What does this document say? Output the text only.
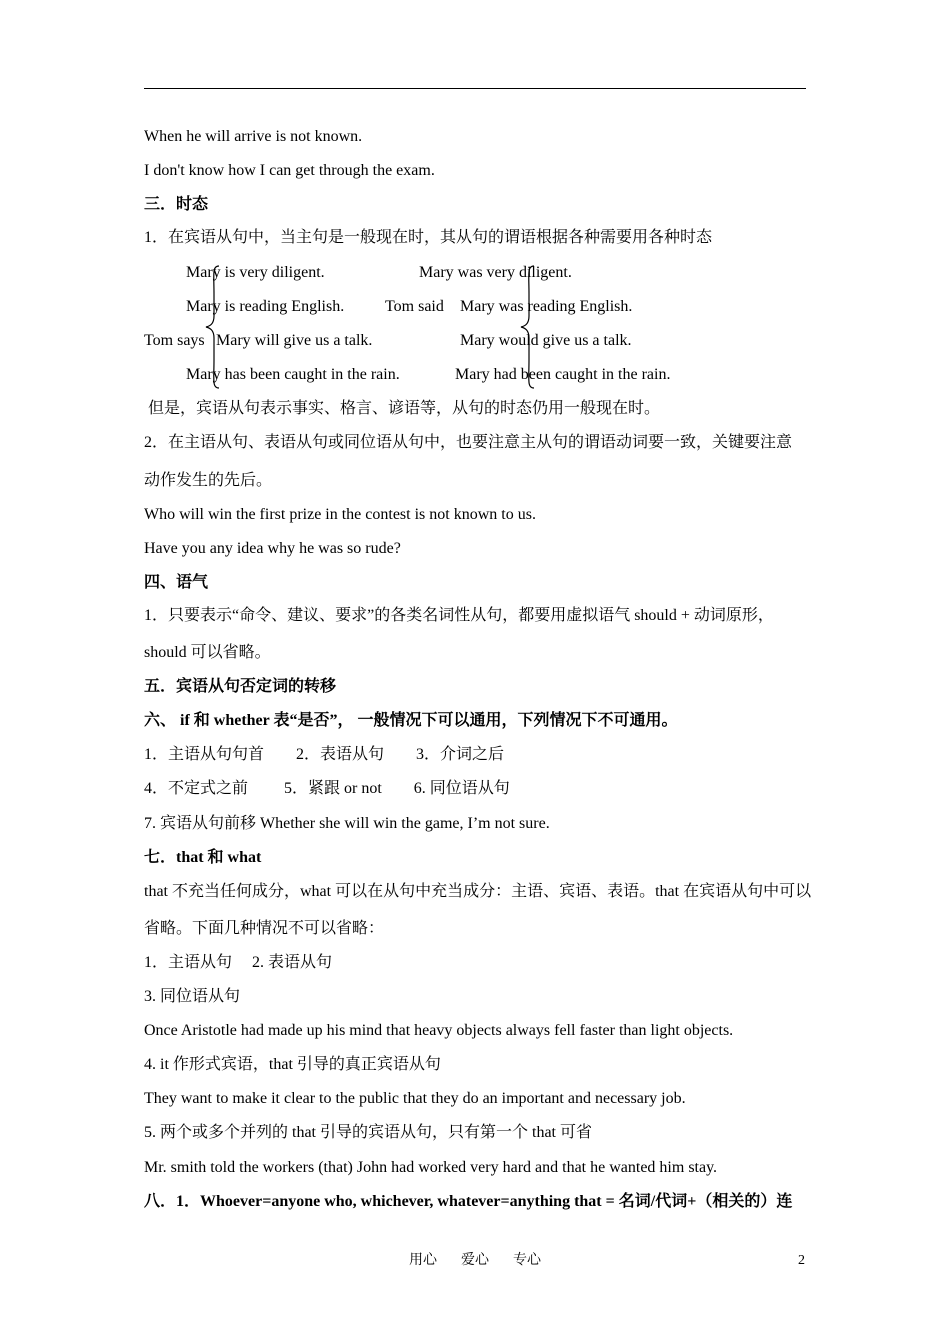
When he will arrive is not known.
I don't know how I can get through the exam.
三．时态
1．在宾语从句中，当主句是一般现在时，其从句的谓语根据各种需要用各种时态
Mary is very diligent.
Mary is reading English.
Mary will give us a talk.
Mary has been caught in the rain.
Tom says
Tom said
Mary was very diligent.
Mary was reading English.
Mary would give us a talk.
Mary had been caught in the rain.
但是，宾语从句表示事实、格言、谚语等，从句的时态仍用一般现在时。
2．在主语从句、表语从句或同位语从句中，也要注意主从句的谓语动词要一致，关键要注意
动作发生的先后。
Who will win the first prize in the contest is not known to us.
Have you any idea why he was so rude?
四、语气
1．只要表示“命令、建议、要求”的各类名词性从句，都要用虚拟语气 should + 动词原形，
should 可以省略。
五．宾语从句否定词的转移
六、 if 和 whether 表“是否”， 一般情况下可以通用，下列情况下不可通用。
1．主语从句句首　　2．表语从句　　3．介词之后
4．不定式之前　　 5．紧跟 or not　　6. 同位语从句
7. 宾语从句前移 Whether she will win the game, I’m not sure.
七．that 和 what
that 不充当任何成分，what 可以在从句中充当成分：主语、宾语、表语。that 在宾语从句中可以
省略。下面几种情况不可以省略：
1．主语从句　 2. 表语从句
3. 同位语从句
Once Aristotle had made up his mind that heavy objects always fell faster than light objects.
4. it 作形式宾语，that 引导的真正宾语从句
They want to make it clear to the public that they do an important and necessary job.
5. 两个或多个并列的 that 引导的宾语从句，只有第一个 that 可省
Mr. smith told the workers (that) John had worked very hard and that he wanted him stay.
八．1．Whoever=anyone who, whichever, whatever=anything that = 名词/代词+（相关的）连
用心 爱心 专心	2
